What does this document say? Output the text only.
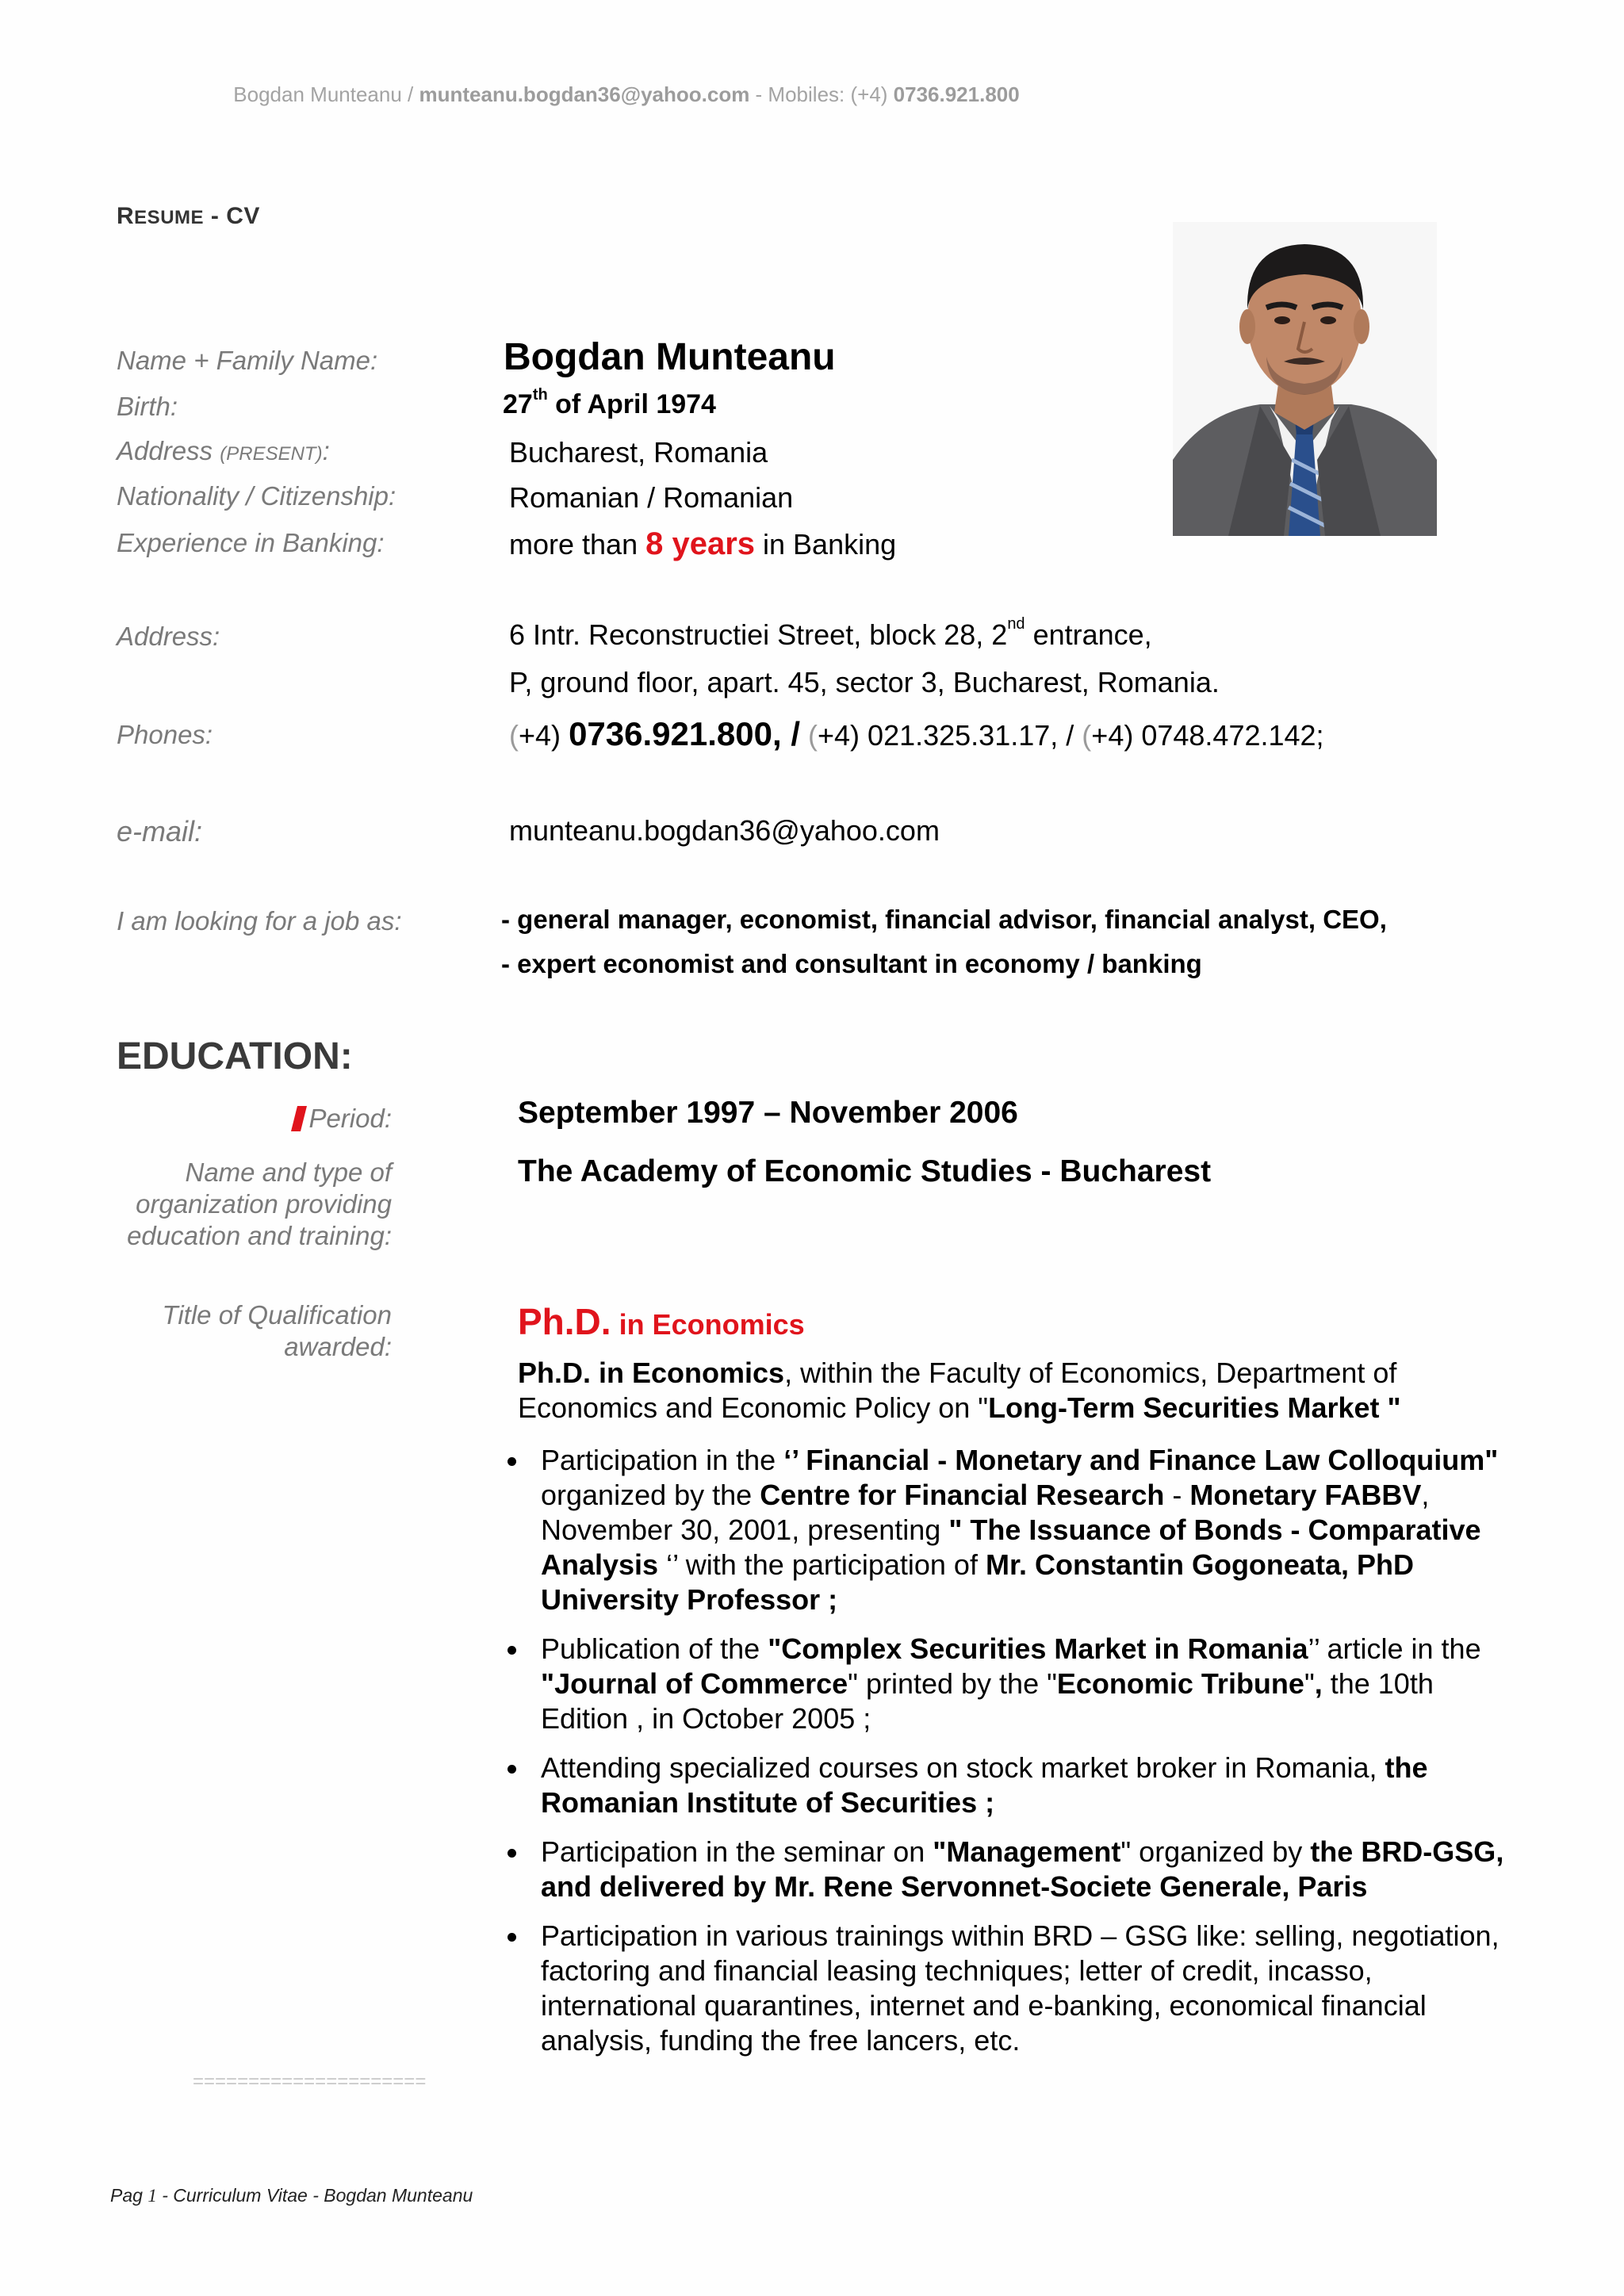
Bogdan Munteanu / munteanu.bogdan36@yahoo.com - Mobiles: (+4) 0736.921.800
RESUME - CV
Name + Family Name:	Bogdan Munteanu
Birth:	27th of April 1974
Address (PRESENT):	Bucharest, Romania
Nationality / Citizenship:	Romanian / Romanian
Experience in Banking:	more than 8 years in Banking
Address:	6 Intr. Reconstructiei Street, block 28, 2nd entrance,
P, ground floor, apart. 45, sector 3, Bucharest, Romania.
Phones:	(+4) 0736.921.800, / (+4) 021.325.31.17, / (+4) 0748.472.142;
e-mail:	munteanu.bogdan36@yahoo.com
I am looking for a job as:	- general manager, economist, financial advisor, financial analyst, CEO,
- expert economist and consultant in economy / banking
EDUCATION:
Period:	September 1997 – November 2006
Name and type of organization providing education and training:
The Academy of Economic Studies - Bucharest
Title of Qualification awarded:
Ph.D. in Economics
Ph.D. in Economics, within the Faculty of Economics, Department of Economics and Economic Policy on "Long-Term Securities Market "
Participation in the ‘’ Financial - Monetary and Finance Law Colloquium" organized by the Centre for Financial Research - Monetary FABBV, November 30, 2001, presenting " The Issuance of Bonds - Comparative Analysis ‘’ with the participation of Mr. Constantin Gogoneata, PhD University Professor ;
Publication of the "Complex Securities Market in Romania’’ article in the "Journal of Commerce" printed by the "Economic Tribune", the 10th Edition , in October 2005 ;
Attending specialized courses on stock market broker in Romania, the Romanian Institute of Securities ;
Participation in the seminar on "Management" organized by the BRD-GSG, and delivered by Mr. Rene Servonnet-Societe Generale, Paris
Participation in various trainings within BRD – GSG like: selling, negotiation, factoring and financial leasing techniques; letter of credit, incasso, international quarantines, internet and e-banking, economical financial analysis, funding the free lancers, etc.
=====================
Pag 1 - Curriculum Vitae - Bogdan Munteanu
